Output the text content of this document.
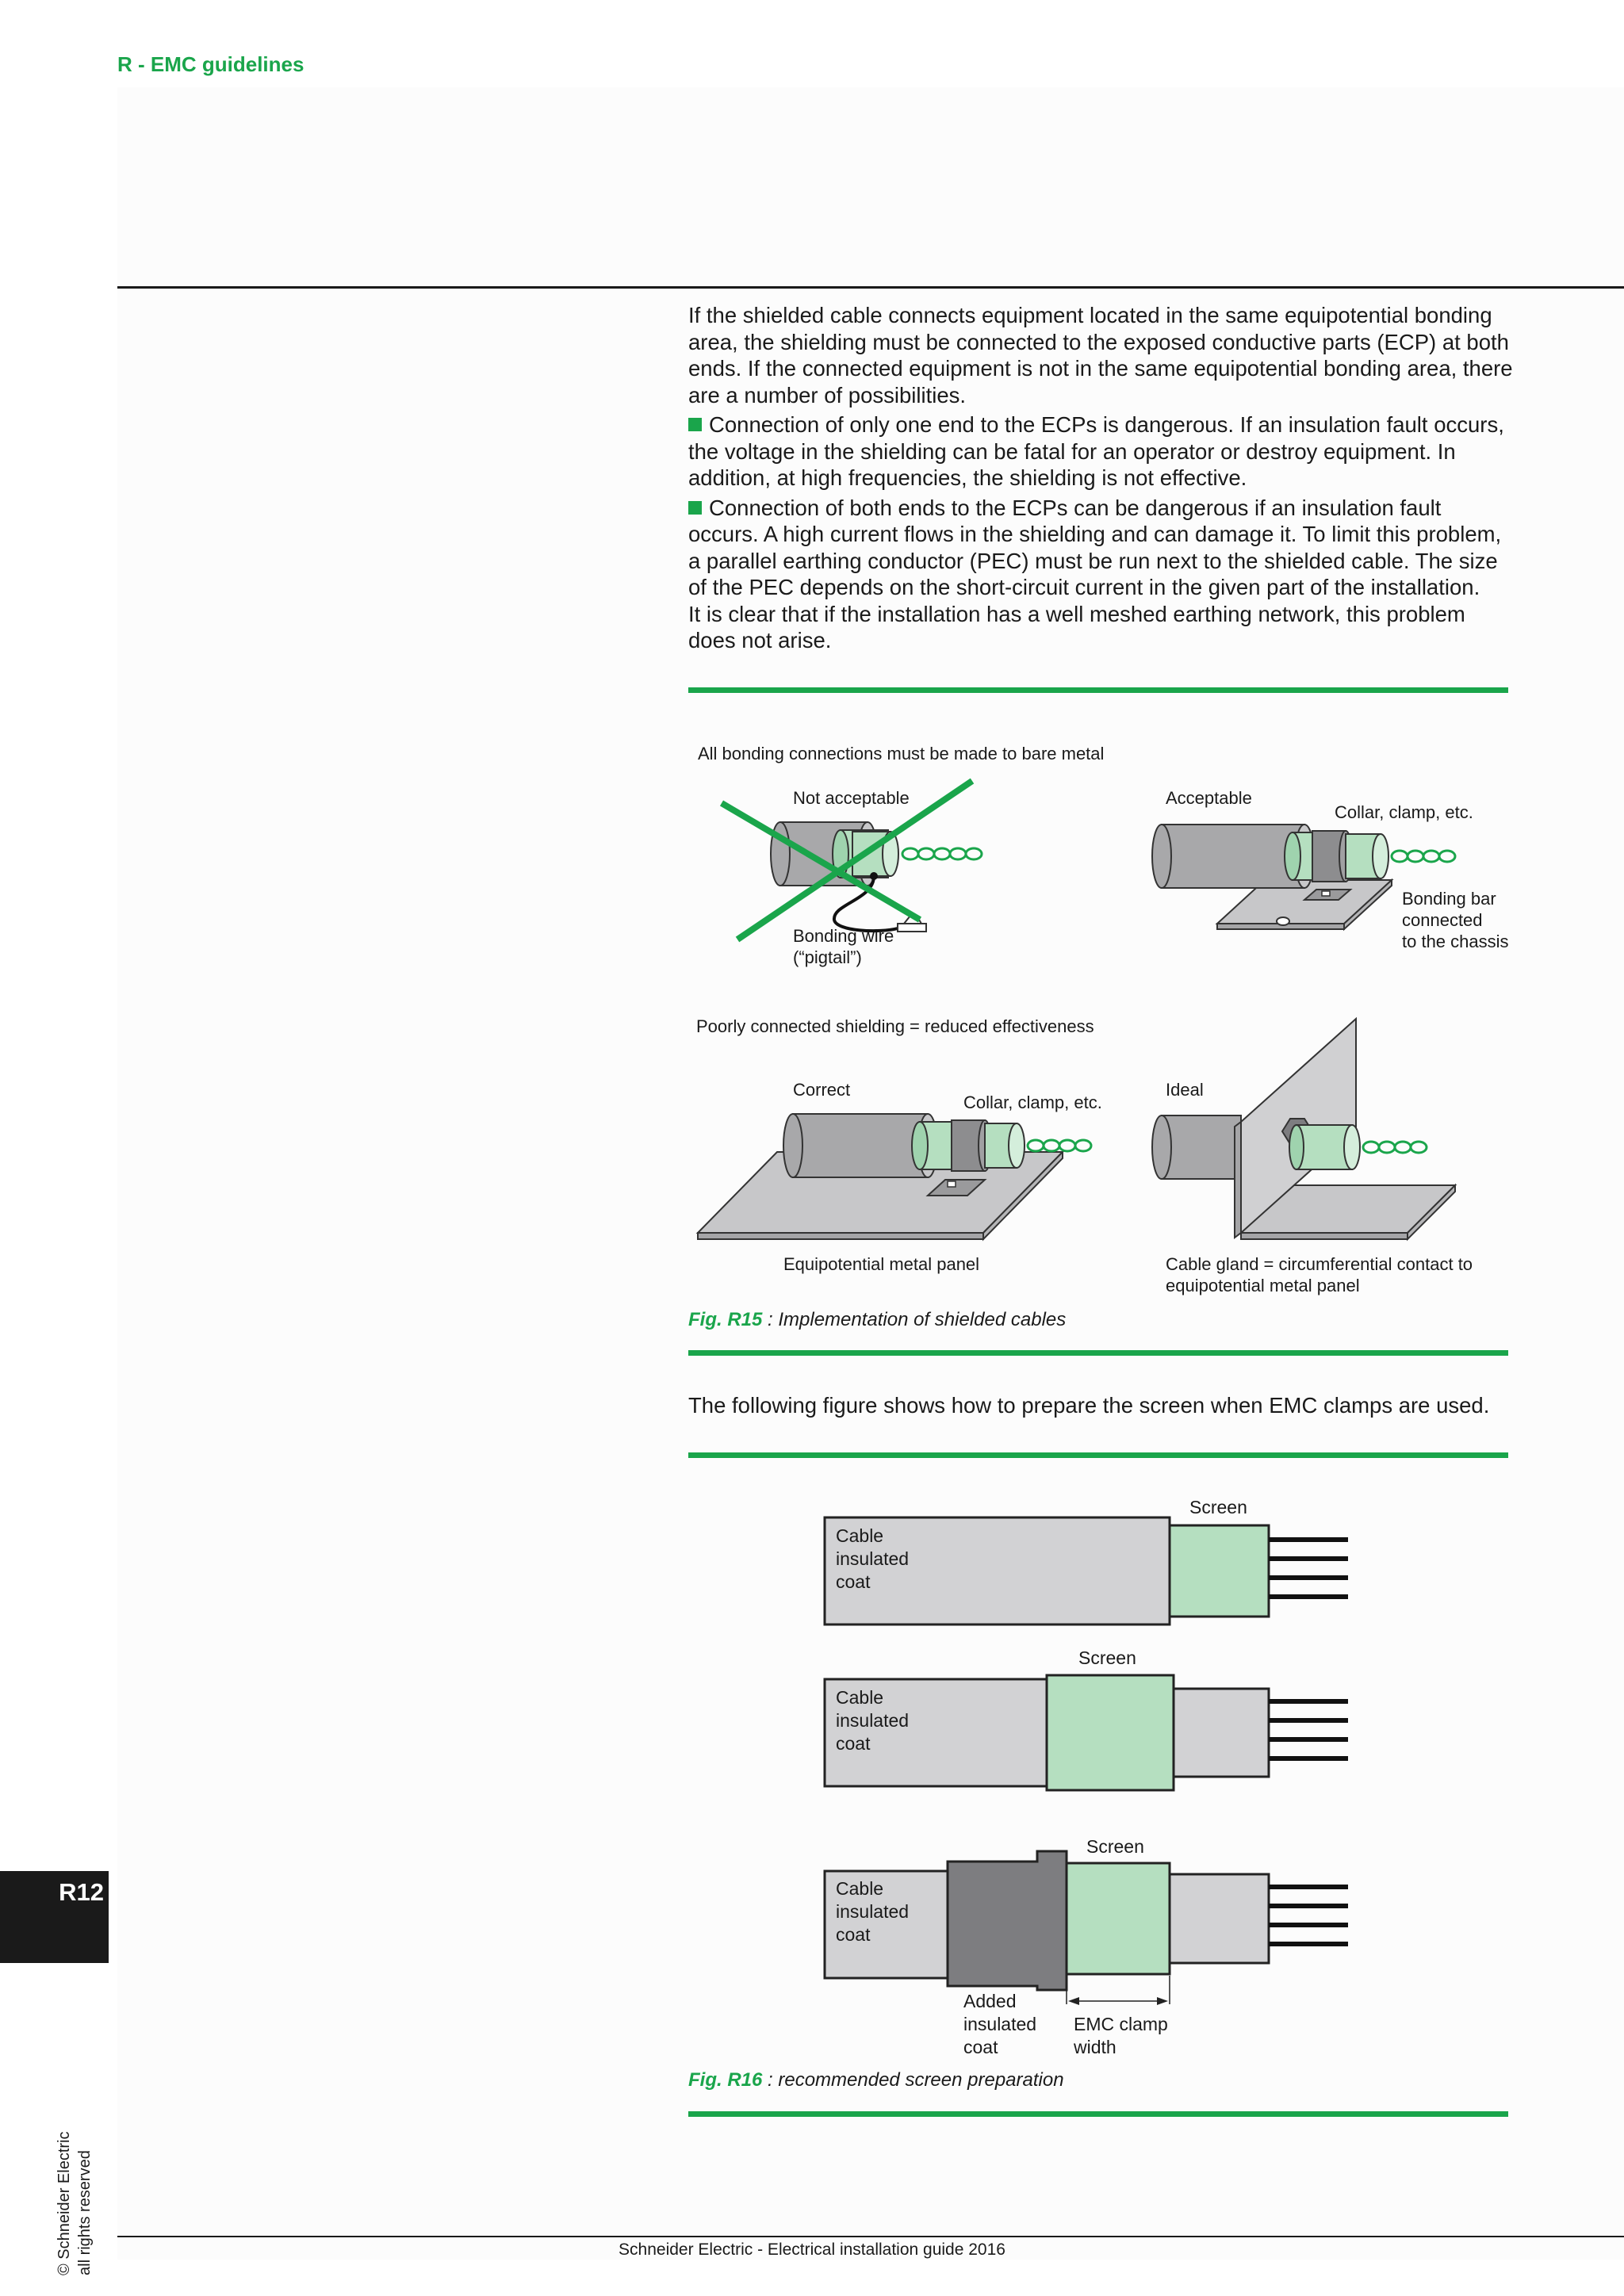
R - EMC guidelines

If the shielded cable connects equipment located in the same equipotential bonding area, the shielding must be connected to the exposed conductive parts (ECP) at both ends. If the connected equipment is not in the same equipotential bonding area, there are a number of possibilities.

Connection of only one end to the ECPs is dangerous. If an insulation fault occurs, the voltage in the shielding can be fatal for an operator or destroy equipment. In addition, at high frequencies, the shielding is not effective.

Connection of both ends to the ECPs can be dangerous if an insulation fault occurs. A high current flows in the shielding and can damage it. To limit this problem, a parallel earthing conductor (PEC) must be run next to the shielded cable. The size of the PEC depends on the short-circuit current in the given part of the installation.

It is clear that if the installation has a well meshed earthing network, this problem does not arise.

All bonding connections must be made to bare metal
Not acceptable	Acceptable
Collar, clamp, etc.
Bonding wire
(“pigtail”)
Bonding bar
connected
to the chassis
Poorly connected shielding = reduced effectiveness
Correct
Collar, clamp, etc.
Ideal
Equipotential metal panel	Cable gland = circumferential contact to
equipotential metal panel
Fig. R15 : Implementation of shielded cables
The following figure shows how to prepare the screen when EMC clamps are used.
Screen
Cable
insulated
coat
Screen
Cable
insulated
coat
Screen
Cable
insulated
coat
Added
insulated
coat
EMC clamp
width
Fig. R16 : recommended screen preparation
R12
© Schneider Electric all rights reserved	Schneider Electric - Electrical installation guide 2016
